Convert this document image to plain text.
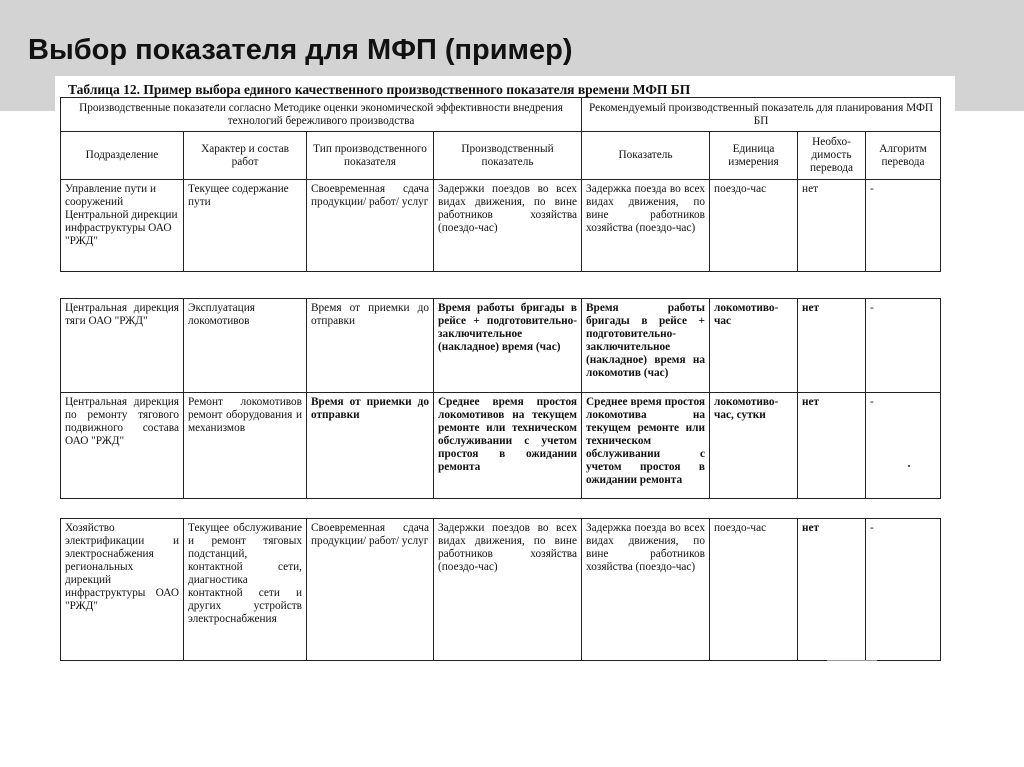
Выбор показателя для МФП (пример)
Таблица 12. Пример выбора единого качественного производственного показателя времени МФП БП
Производственные показатели согласно Методике оценки экономической эффективности внедрения технологий бережливого производства				Рекомендуемый производственный показатель для планирования МФП БП			
Подразделение	Характер и состав работ	Тип производственного показателя	Производственный показатель	Показатель	Единица измерения	Необхо-димость перевода	Алгоритм перевода
Управление пути и сооружений Центральной дирекции инфраструктуры ОАО "РЖД"	Текущее содержание пути	Своевременная сдача продукции/ работ/ услуг	Задержки поездов во всех видах движения, по вине работников хозяйства (поездо-час)	Задержка поезда во всех видах движения, по вине работников хозяйства (поездо-час)	поездо-час	нет	-
Центральная дирекция тяги ОАО "РЖД"	Эксплуатация локомотивов	Время от приемки до отправки	Время работы бригады в рейсе + подготовительно-заключительное (накладное) время (час)	Время работы бригады в рейсе + подготовительно-заключительное (накладное) время на локомотив (час)	локомотиво-час	нет	-
Центральная дирекция по ремонту тягового подвижного состава ОАО "РЖД"	Ремонт локомотивов ремонт оборудования и механизмов	Время от приемки до отправки	Среднее время простоя локомотивов на текущем ремонте или техническом обслуживании с учетом простоя в ожидании ремонта	Среднее время простоя локомотива на текущем ремонте или техническом обслуживании с учетом простоя в ожидании ремонта	локомотиво-час, сутки	нет	-
Хозяйство электрификации и электроснабжения региональных дирекций инфраструктуры ОАО "РЖД"	Текущее обслуживание и ремонт тяговых подстанций, контактной сети, диагностика контактной сети и других устройств электроснабжения	Своевременная сдача продукции/ работ/ услуг	Задержки поездов во всех видах движения, по вине работников хозяйства (поездо-час)	Задержка поезда во всех видах движения, по вине работников хозяйства (поездо-час)	поездо-час	нет	-
